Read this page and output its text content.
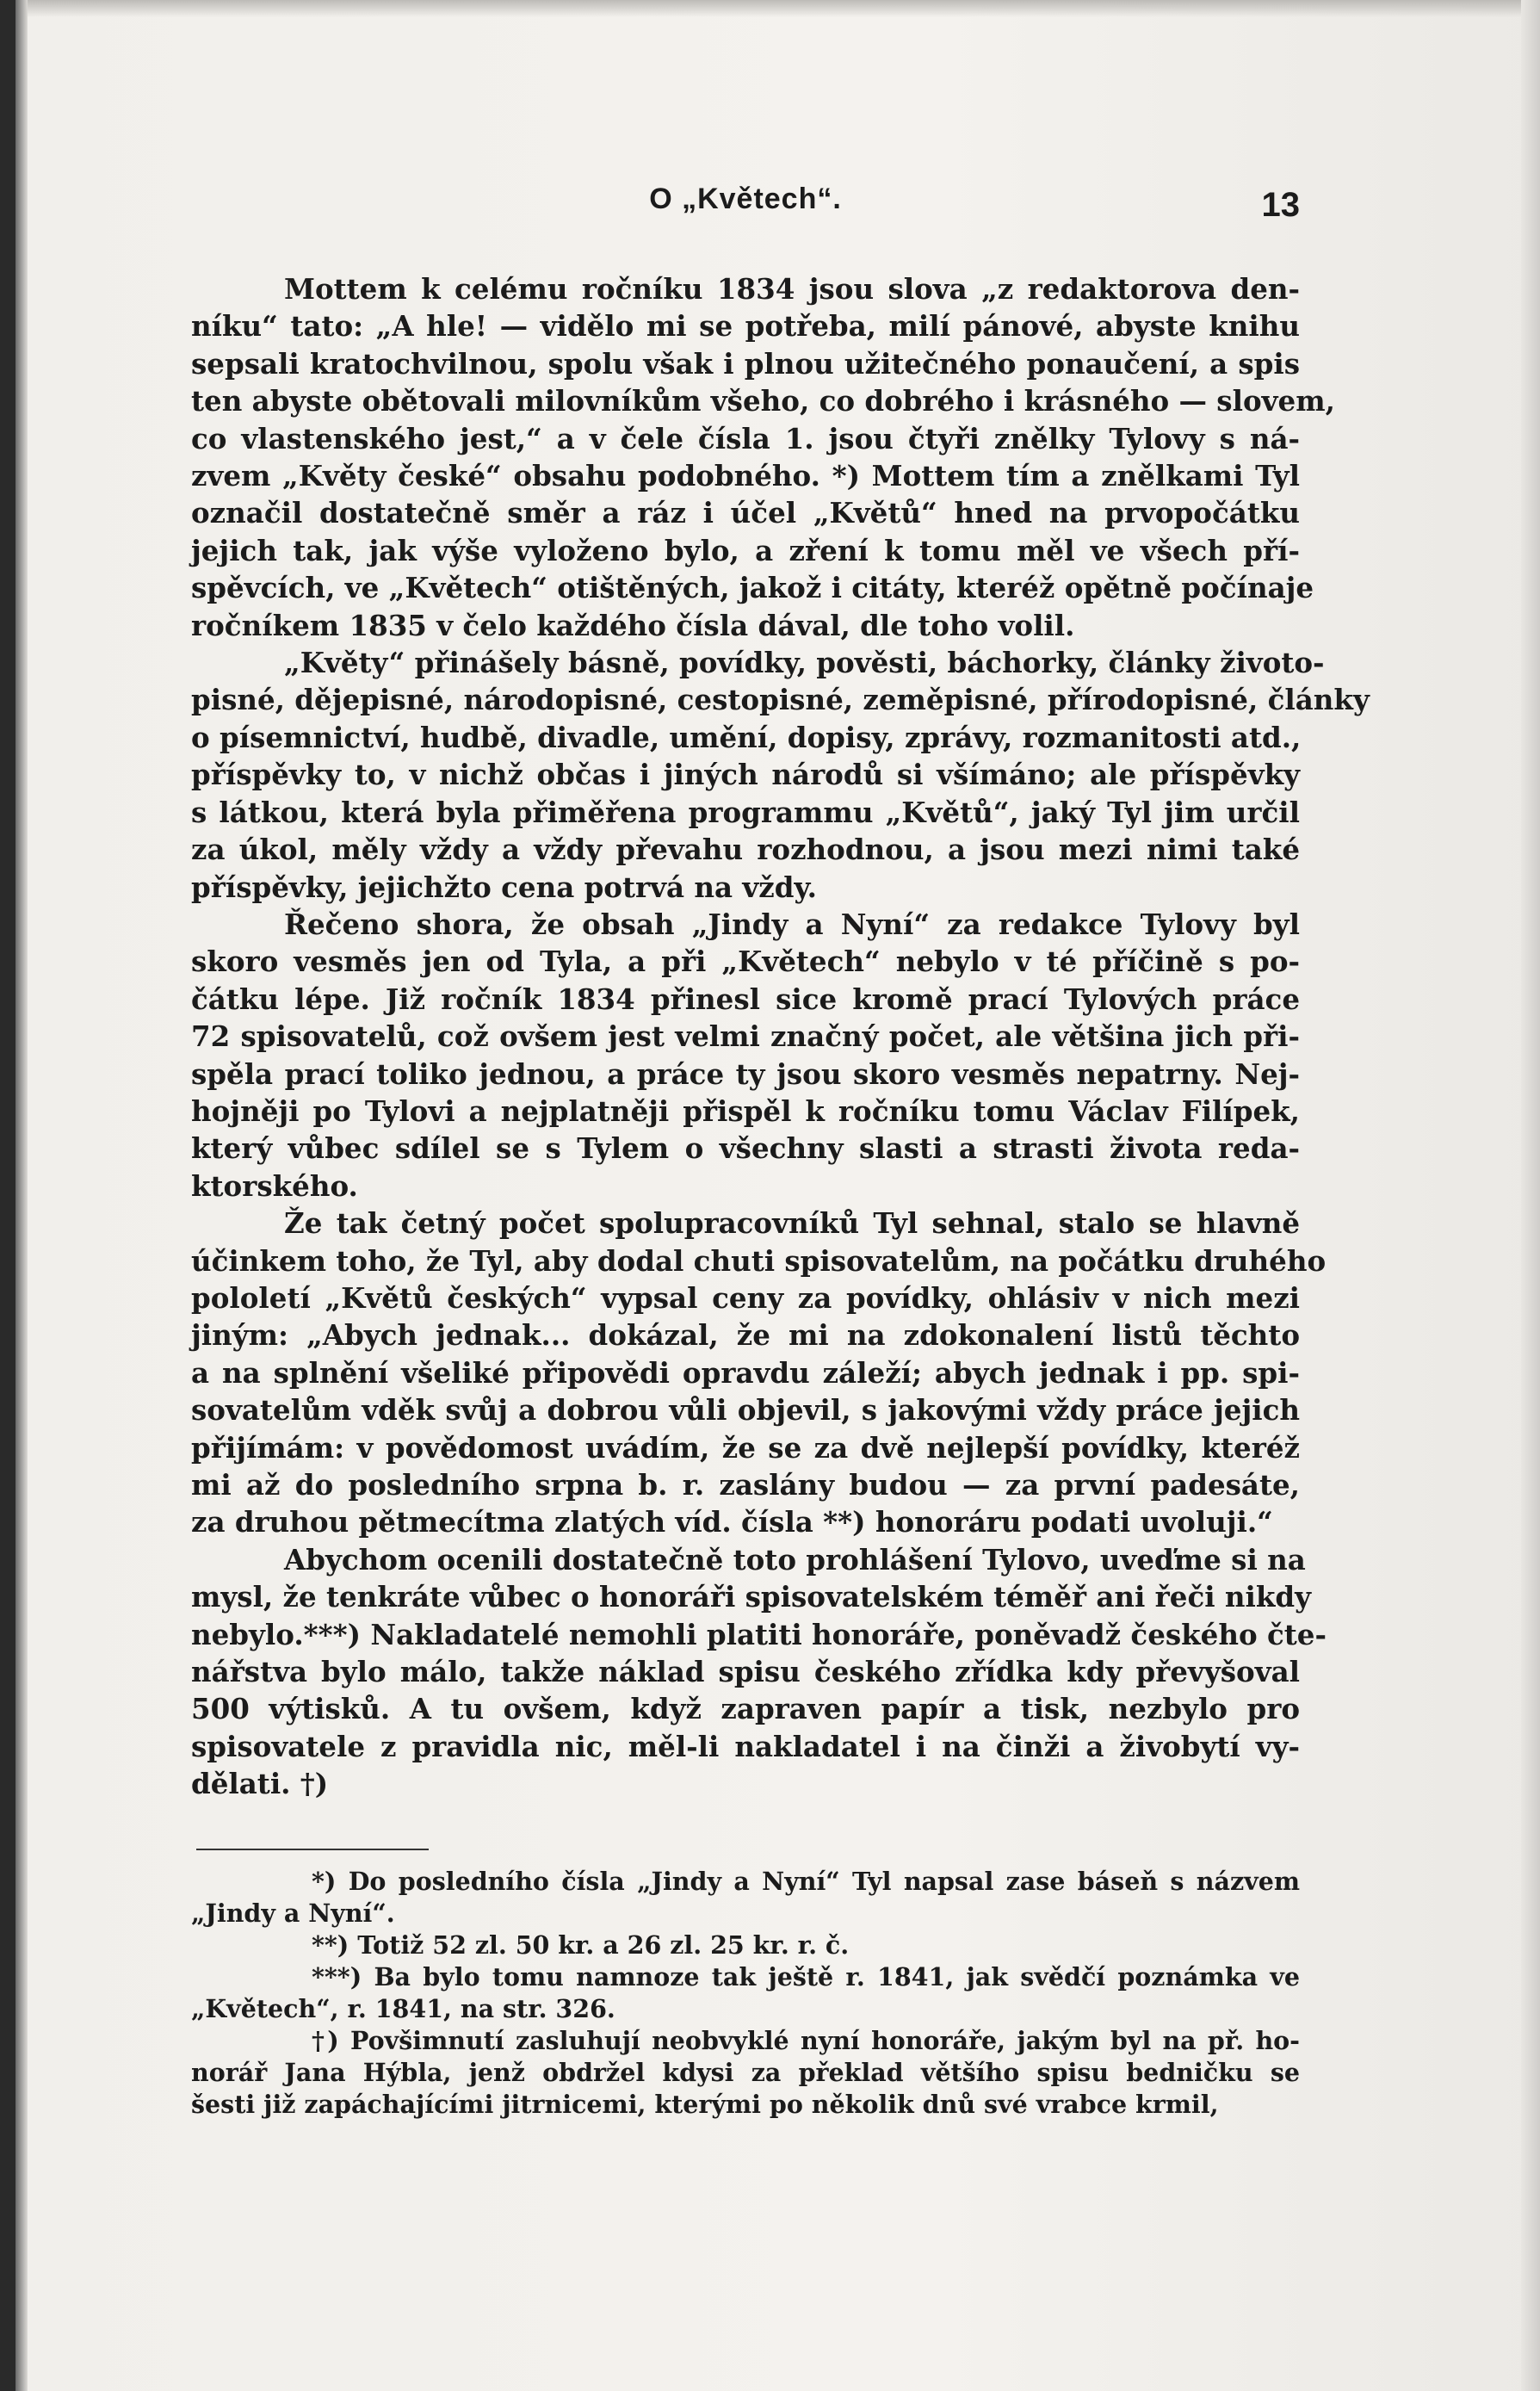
O „Květech“.	13
Mottem k celému ročníku 1834 jsou slova „z redaktorova den-
níku“ tato: „A hle! — vidělo mi se potřeba, milí pánové, abyste knihu
sepsali kratochvilnou, spolu však i plnou užitečného ponaučení, a spis
ten abyste obětovali milovníkům všeho, co dobrého i krásného — slovem,
co vlastenského jest,“ a v čele čísla 1. jsou čtyři znělky Tylovy s ná-
zvem „Květy české“ obsahu podobného. *) Mottem tím a znělkami Tyl
označil dostatečně směr a ráz i účel „Květů“ hned na prvopočátku
jejich tak, jak výše vyloženo bylo, a zření k tomu měl ve všech pří-
spěvcích, ve „Květech“ otištěných, jakož i citáty, kteréž opětně počínaje
ročníkem 1835 v čelo každého čísla dával, dle toho volil.
„Květy“ přinášely básně, povídky, pověsti, báchorky, články životo-
pisné, dějepisné, národopisné, cestopisné, zeměpisné, přírodopisné, články
o písemnictví, hudbě, divadle, umění, dopisy, zprávy, rozmanitosti atd.,
příspěvky to, v nichž občas i jiných národů si všímáno; ale příspěvky
s látkou, která byla přiměřena programmu „Květů“, jaký Tyl jim určil
za úkol, měly vždy a vždy převahu rozhodnou, a jsou mezi nimi také
příspěvky, jejichžto cena potrvá na vždy.
Řečeno shora, že obsah „Jindy a Nyní“ za redakce Tylovy byl
skoro vesměs jen od Tyla, a při „Květech“ nebylo v té příčině s po-
čátku lépe. Již ročník 1834 přinesl sice kromě prací Tylových práce
72 spisovatelů, což ovšem jest velmi značný počet, ale většina jich při-
spěla prací toliko jednou, a práce ty jsou skoro vesměs nepatrny. Nej-
hojněji po Tylovi a nejplatněji přispěl k ročníku tomu Václav Filípek,
který vůbec sdílel se s Tylem o všechny slasti a strasti života reda-
ktorského.
Že tak četný počet spolupracovníků Tyl sehnal, stalo se hlavně
účinkem toho, že Tyl, aby dodal chuti spisovatelům, na počátku druhého
pololetí „Květů českých“ vypsal ceny za povídky, ohlásiv v nich mezi
jiným: „Abych jednak... dokázal, že mi na zdokonalení listů těchto
a na splnění všeliké připovědi opravdu záleží; abych jednak i pp. spi-
sovatelům vděk svůj a dobrou vůli objevil, s jakovými vždy práce jejich
přijímám: v povědomost uvádím, že se za dvě nejlepší povídky, kteréž
mi až do posledního srpna b. r. zaslány budou — za první padesáte,
za druhou pětmecítma zlatých víd. čísla **) honoráru podati uvoluji.“
Abychom ocenili dostatečně toto prohlášení Tylovo, uveďme si na
mysl, že tenkráte vůbec o honoráři spisovatelském téměř ani řeči nikdy
nebylo.***) Nakladatelé nemohli platiti honoráře, poněvadž českého čte-
nářstva bylo málo, takže náklad spisu českého zřídka kdy převyšoval
500 výtisků. A tu ovšem, když zapraven papír a tisk, nezbylo pro
spisovatele z pravidla nic, měl-li nakladatel i na činži a živobytí vy-
dělati. †)
*) Do posledního čísla „Jindy a Nyní“ Tyl napsal zase báseň s názvem
„Jindy a Nyní“.
**) Totiž 52 zl. 50 kr. a 26 zl. 25 kr. r. č.
***) Ba bylo tomu namnoze tak ještě r. 1841, jak svědčí poznámka ve
„Květech“, r. 1841, na str. 326.
†) Povšimnutí zasluhují neobvyklé nyní honoráře, jakým byl na př. ho-
norář Jana Hýbla, jenž obdržel kdysi za překlad většího spisu bedničku se
šesti již zapáchajícími jitrnicemi, kterými po několik dnů své vrabce krmil,
